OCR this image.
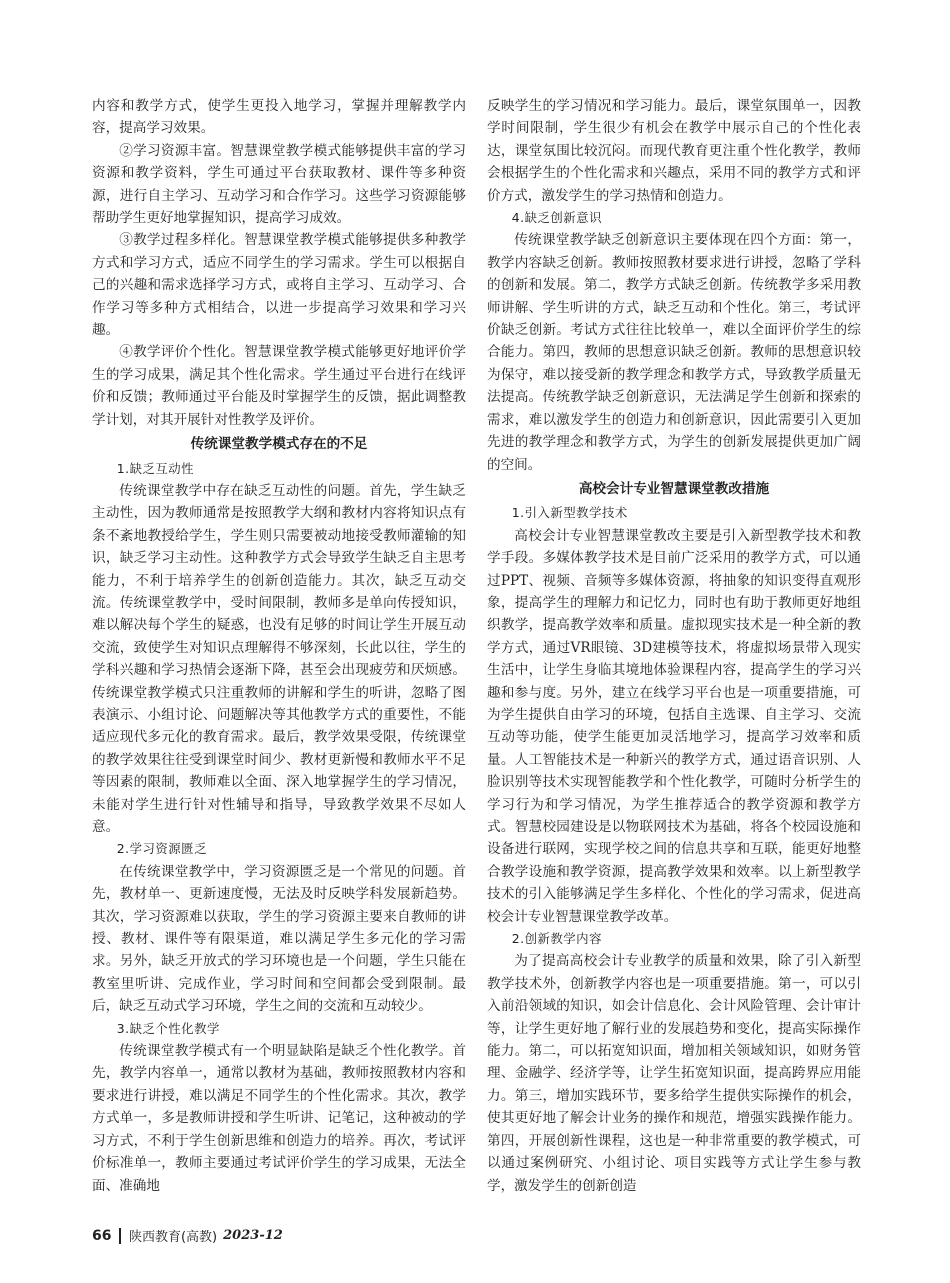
内容和教学方式，使学生更投入地学习，掌握并理解教学内容，提高学习效果。

②学习资源丰富。智慧课堂教学模式能够提供丰富的学习资源和教学资料，学生可通过平台获取教材、课件等多种资源，进行自主学习、互动学习和合作学习。这些学习资源能够帮助学生更好地掌握知识，提高学习成效。

③教学过程多样化。智慧课堂教学模式能够提供多种教学方式和学习方式，适应不同学生的学习需求。学生可以根据自己的兴趣和需求选择学习方式，或将自主学习、互动学习、合作学习等多种方式相结合，以进一步提高学习效果和学习兴趣。

④教学评价个性化。智慧课堂教学模式能够更好地评价学生的学习成果，满足其个性化需求。学生通过平台进行在线评价和反馈；教师通过平台能及时掌握学生的反馈，据此调整教学计划，对其开展针对性教学及评价。

传统课堂教学模式存在的不足
1.缺乏互动性

传统课堂教学中存在缺乏互动性的问题。首先，学生缺乏主动性，因为教师通常是按照教学大纲和教材内容将知识点有条不紊地教授给学生，学生则只需要被动地接受教师灌输的知识，缺乏学习主动性。这种教学方式会导致学生缺乏自主思考能力，不利于培养学生的创新创造能力。其次，缺乏互动交流。传统课堂教学中，受时间限制，教师多是单向传授知识，难以解决每个学生的疑惑，也没有足够的时间让学生开展互动交流，致使学生对知识点理解得不够深刻，长此以往，学生的学科兴趣和学习热情会逐渐下降，甚至会出现疲劳和厌烦感。传统课堂教学模式只注重教师的讲解和学生的听讲，忽略了图表演示、小组讨论、问题解决等其他教学方式的重要性，不能适应现代多元化的教育需求。最后，教学效果受限，传统课堂的教学效果往往受到课堂时间少、教材更新慢和教师水平不足等因素的限制，教师难以全面、深入地掌握学生的学习情况，未能对学生进行针对性辅导和指导，导致教学效果不尽如人意。

2.学习资源匮乏

在传统课堂教学中，学习资源匮乏是一个常见的问题。首先，教材单一、更新速度慢，无法及时反映学科发展新趋势。其次，学习资源难以获取，学生的学习资源主要来自教师的讲授、教材、课件等有限渠道，难以满足学生多元化的学习需求。另外，缺乏开放式的学习环境也是一个问题，学生只能在教室里听讲、完成作业，学习时间和空间都会受到限制。最后，缺乏互动式学习环境，学生之间的交流和互动较少。

3.缺乏个性化教学

传统课堂教学模式有一个明显缺陷是缺乏个性化教学。首先，教学内容单一，通常以教材为基础，教师按照教材内容和要求进行讲授，难以满足不同学生的个性化需求。其次，教学方式单一，多是教师讲授和学生听讲、记笔记，这种被动的学习方式，不利于学生创新思维和创造力的培养。再次，考试评价标准单一，教师主要通过考试评价学生的学习成果，无法全面、准确地

反映学生的学习情况和学习能力。最后，课堂氛围单一，因教学时间限制，学生很少有机会在教学中展示自己的个性化表达，课堂氛围比较沉闷。而现代教育更注重个性化教学，教师会根据学生的个性化需求和兴趣点，采用不同的教学方式和评价方式，激发学生的学习热情和创造力。

4.缺乏创新意识

传统课堂教学缺乏创新意识主要体现在四个方面：第一，教学内容缺乏创新。教师按照教材要求进行讲授，忽略了学科的创新和发展。第二，教学方式缺乏创新。传统教学多采用教师讲解、学生听讲的方式，缺乏互动和个性化。第三，考试评价缺乏创新。考试方式往往比较单一，难以全面评价学生的综合能力。第四，教师的思想意识缺乏创新。教师的思想意识较为保守，难以接受新的教学理念和教学方式，导致教学质量无法提高。传统教学缺乏创新意识，无法满足学生创新和探索的需求，难以激发学生的创造力和创新意识，因此需要引入更加先进的教学理念和教学方式，为学生的创新发展提供更加广阔的空间。

高校会计专业智慧课堂教改措施
1.引入新型教学技术

高校会计专业智慧课堂教改主要是引入新型教学技术和教学手段。多媒体教学技术是目前广泛采用的教学方式，可以通过PPT、视频、音频等多媒体资源，将抽象的知识变得直观形象，提高学生的理解力和记忆力，同时也有助于教师更好地组织教学，提高教学效率和质量。虚拟现实技术是一种全新的教学方式，通过VR眼镜、3D建模等技术，将虚拟场景带入现实生活中，让学生身临其境地体验课程内容，提高学生的学习兴趣和参与度。另外，建立在线学习平台也是一项重要措施，可为学生提供自由学习的环境，包括自主选课、自主学习、交流互动等功能，使学生能更加灵活地学习，提高学习效率和质量。人工智能技术是一种新兴的教学方式，通过语音识别、人脸识别等技术实现智能教学和个性化教学，可随时分析学生的学习行为和学习情况，为学生推荐适合的教学资源和教学方式。智慧校园建设是以物联网技术为基础，将各个校园设施和设备进行联网，实现学校之间的信息共享和互联，能更好地整合教学设施和教学资源，提高教学效果和效率。以上新型教学技术的引入能够满足学生多样化、个性化的学习需求，促进高校会计专业智慧课堂教学改革。

2.创新教学内容

为了提高高校会计专业教学的质量和效果，除了引入新型教学技术外，创新教学内容也是一项重要措施。第一，可以引入前沿领域的知识，如会计信息化、会计风险管理、会计审计等，让学生更好地了解行业的发展趋势和变化，提高实际操作能力。第二，可以拓宽知识面，增加相关领域知识，如财务管理、金融学、经济学等，让学生拓宽知识面，提高跨界应用能力。第三，增加实践环节，要多给学生提供实际操作的机会，使其更好地了解会计业务的操作和规范，增强实践操作能力。第四，开展创新性课程，这也是一种非常重要的教学模式，可以通过案例研究、小组讨论、项目实践等方式让学生参与教学，激发学生的创新创造

66 陕西教育(高教) 2023-12
